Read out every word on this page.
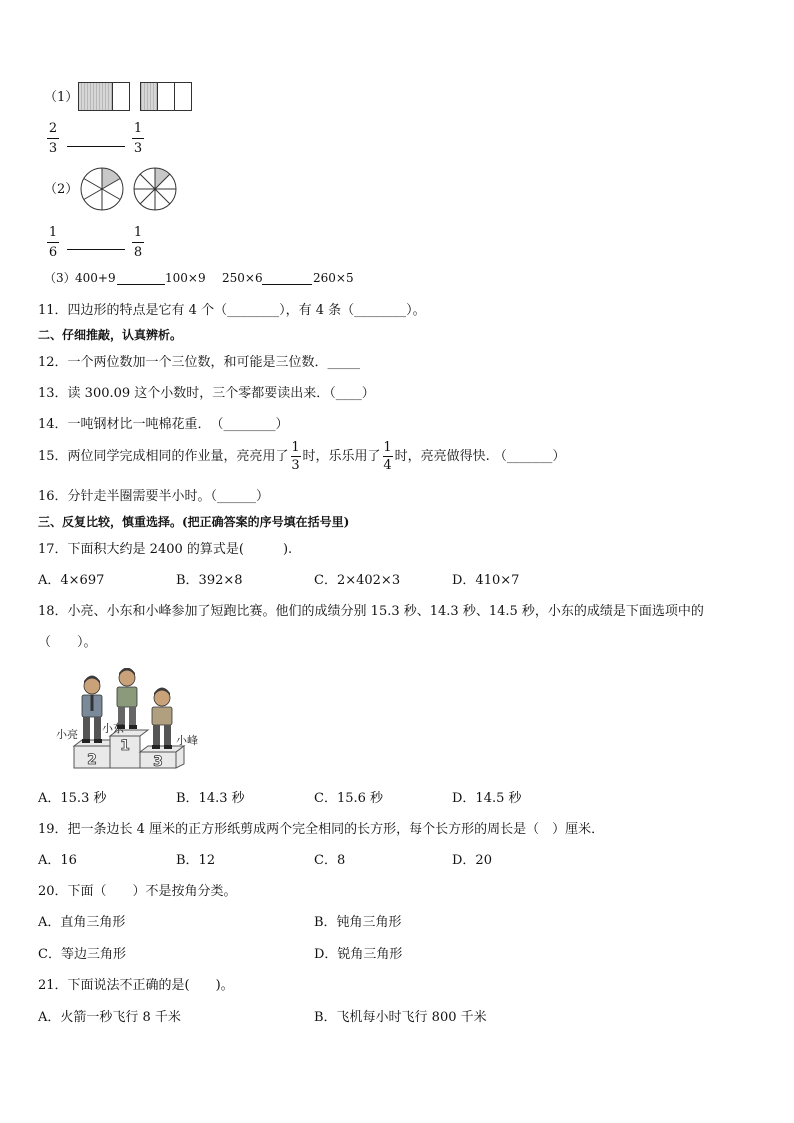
（1）
2
3
1
3
（2）
1
6
1
8
（3） 400+9	100×9 250×6	260×5
11．四边形的特点是它有 4 个（________），有 4 条（________）。
二、仔细推敲，认真辨析。
12．一个两位数加一个三位数，和可能是三位数．_____
13．读 300.09 这个小数时，三个零都要读出来．（____）
14．一吨钢材比一吨棉花重．　（________）
15．两位同学完成相同的作业量，亮亮用了
1
3
时，乐乐用了
1
4
时，亮亮做得快. （_______）
16．分针走半圈需要半小时。（______）
三、反复比较，慎重选择。(把正确答案的序号填在括号里)
17．下面积大约是 2400 的算式是(　　　).
A．4×697	B．392×8	C．2×402×3	D．410×7
18．小亮、小东和小峰参加了短跑比赛。他们的成绩分别 15.3 秒、14.3 秒、14.5 秒，小东的成绩是下面选项中的
（　　）。
2
1
3
小亮 小东
小峰
A．15.3 秒	B．14.3 秒	C．15.6 秒	D．14.5 秒
19．把一条边长 4 厘米的正方形纸剪成两个完全相同的长方形，每个长方形的周长是（　）厘米．
A．16	B．12	C．8	D．20
20．下面（　　）不是按角分类。
A．直角三角形	B．钝角三角形
C．等边三角形	D．锐角三角形
21．下面说法不正确的是(　　)。
A．火箭一秒飞行 8 千米	B．飞机每小时飞行 800 千米
